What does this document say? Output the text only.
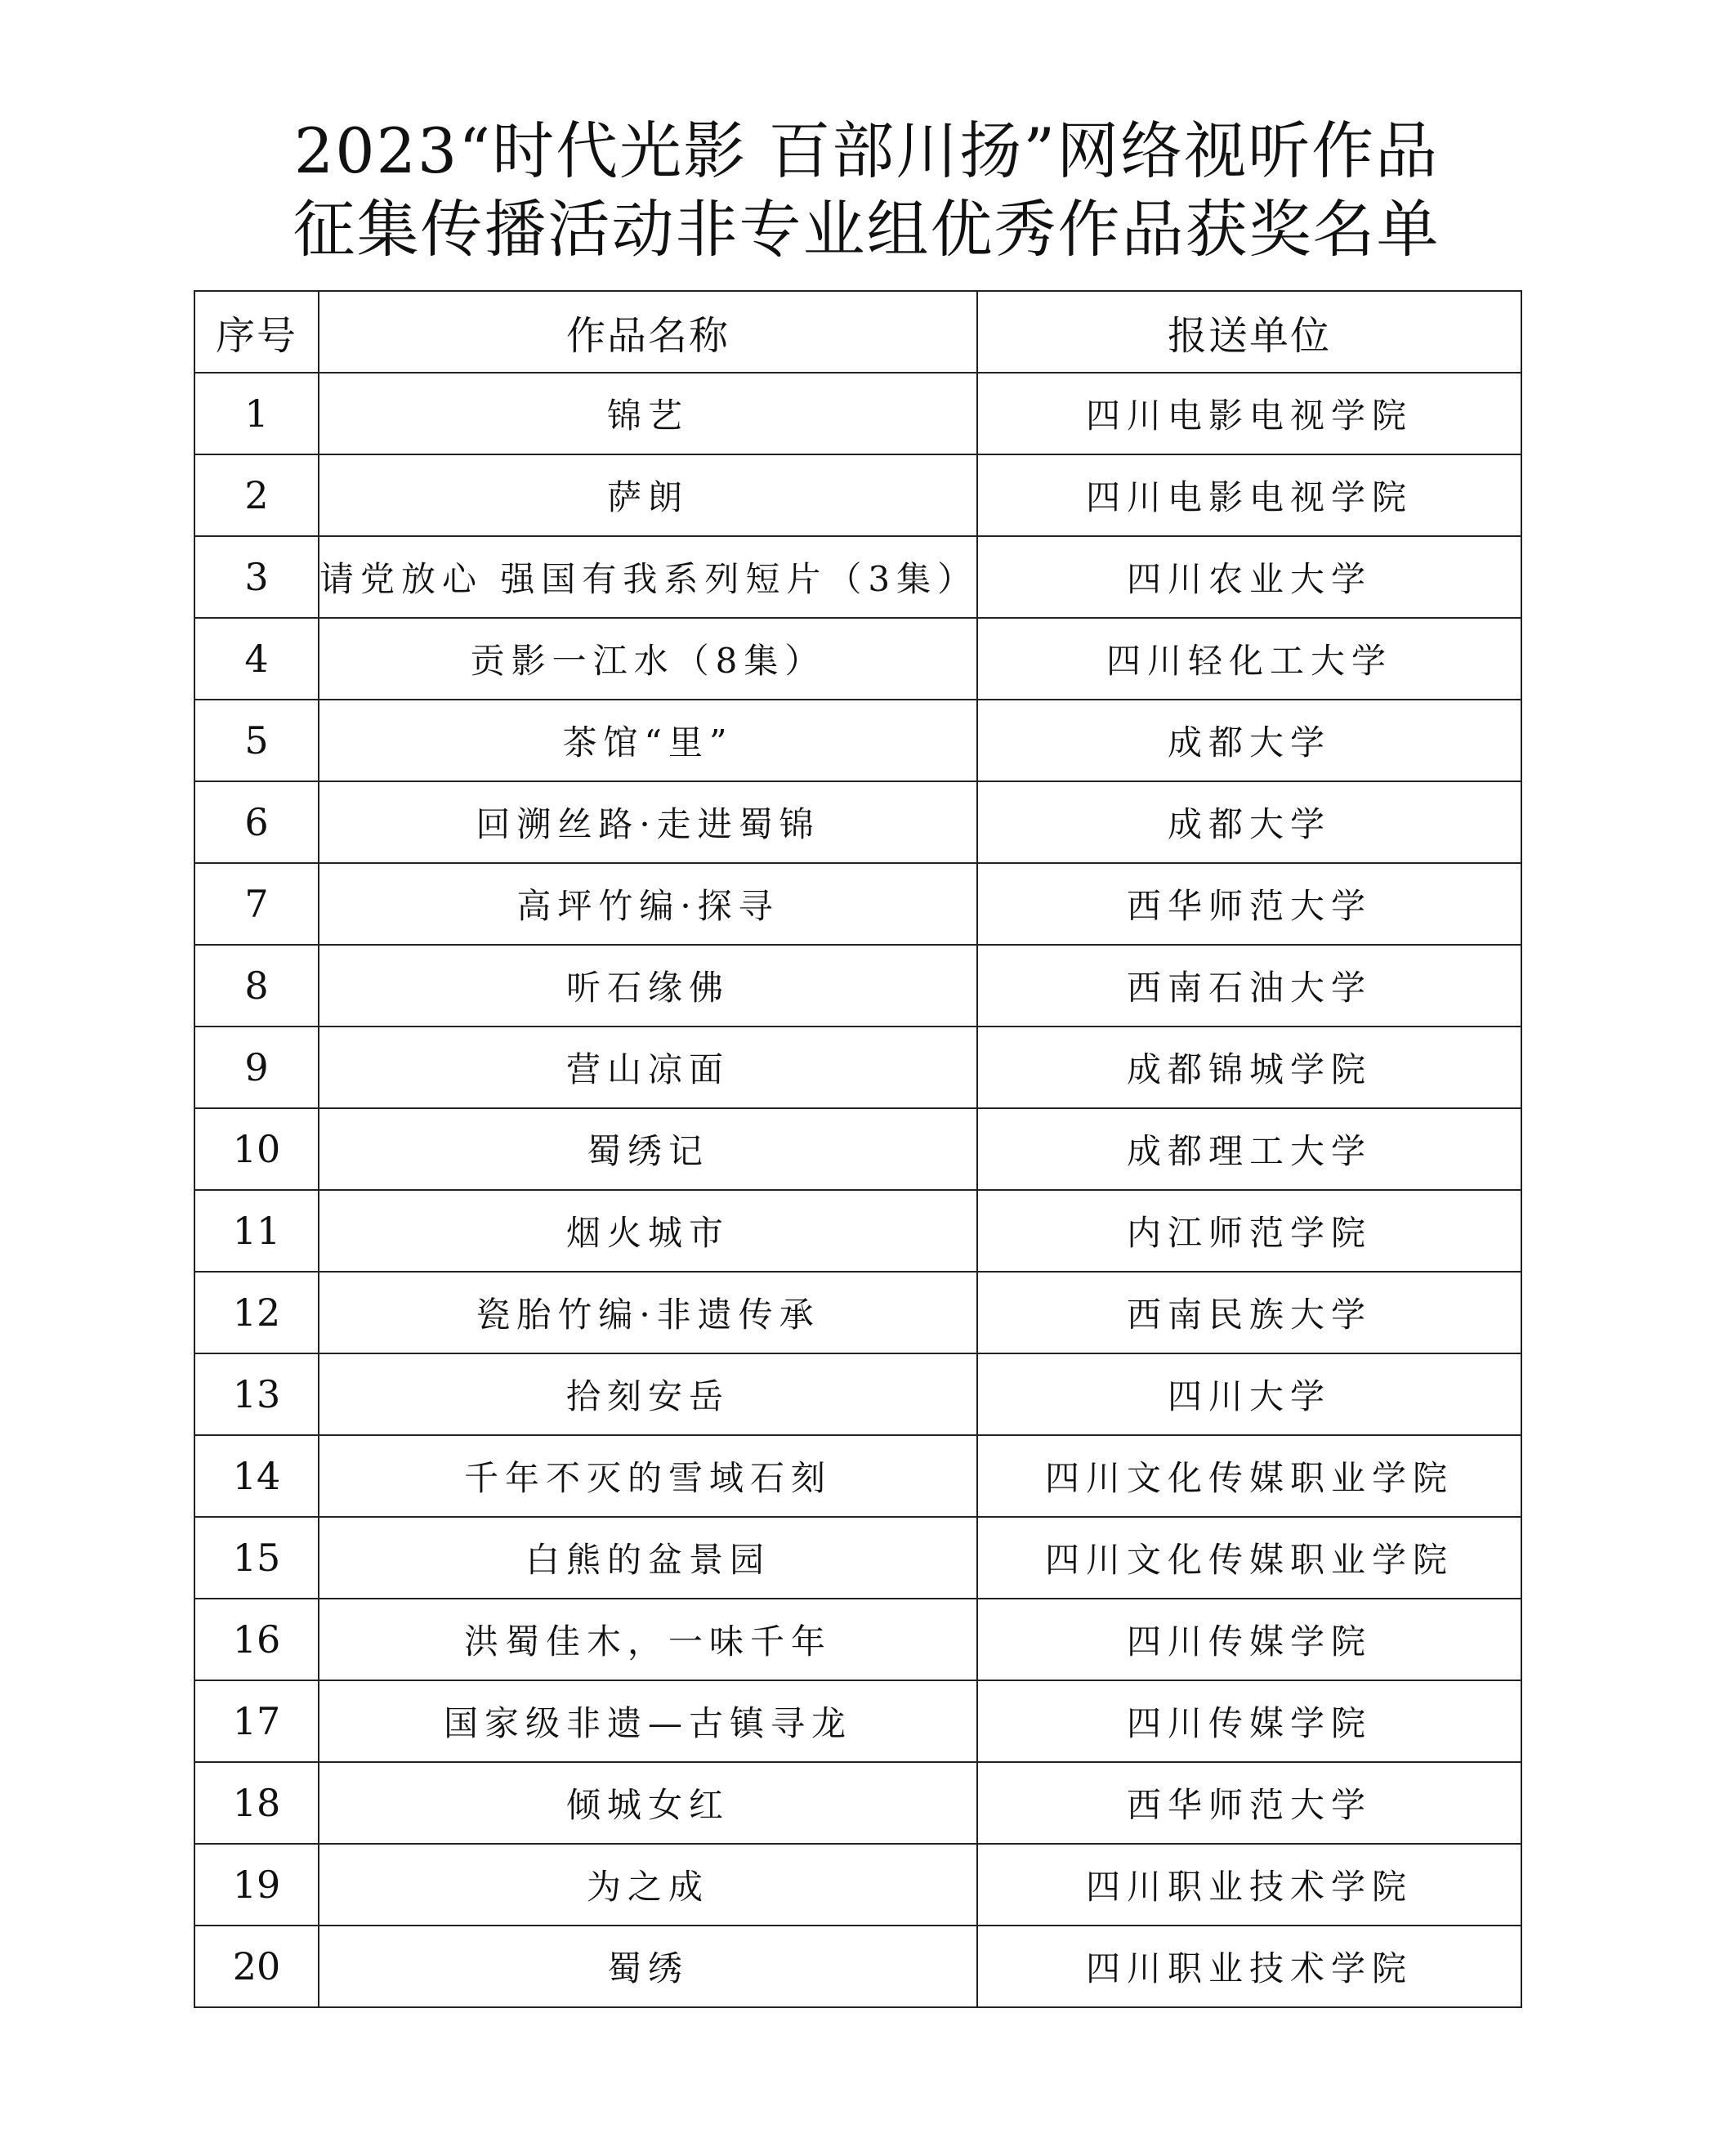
2023“时代光影 百部川扬”网络视听作品
征集传播活动非专业组优秀作品获奖名单
序号	作品名称	报送单位
1	锦艺	四川电影电视学院
2	萨朗	四川电影电视学院
3	请党放心 强国有我系列短片（3集）	四川农业大学
4	贡影一江水（8集）	四川轻化工大学
5	茶馆“里”	成都大学
6	回溯丝路·走进蜀锦	成都大学
7	高坪竹编·探寻	西华师范大学
8	听石缘佛	西南石油大学
9	营山凉面	成都锦城学院
10	蜀绣记	成都理工大学
11	烟火城市	内江师范学院
12	瓷胎竹编·非遗传承	西南民族大学
13	拾刻安岳	四川大学
14	千年不灭的雪域石刻	四川文化传媒职业学院
15	白熊的盆景园	四川文化传媒职业学院
16	洪蜀佳木，一味千年	四川传媒学院
17	国家级非遗—古镇寻龙	四川传媒学院
18	倾城女红	西华师范大学
19	为之成	四川职业技术学院
20	蜀绣	四川职业技术学院
